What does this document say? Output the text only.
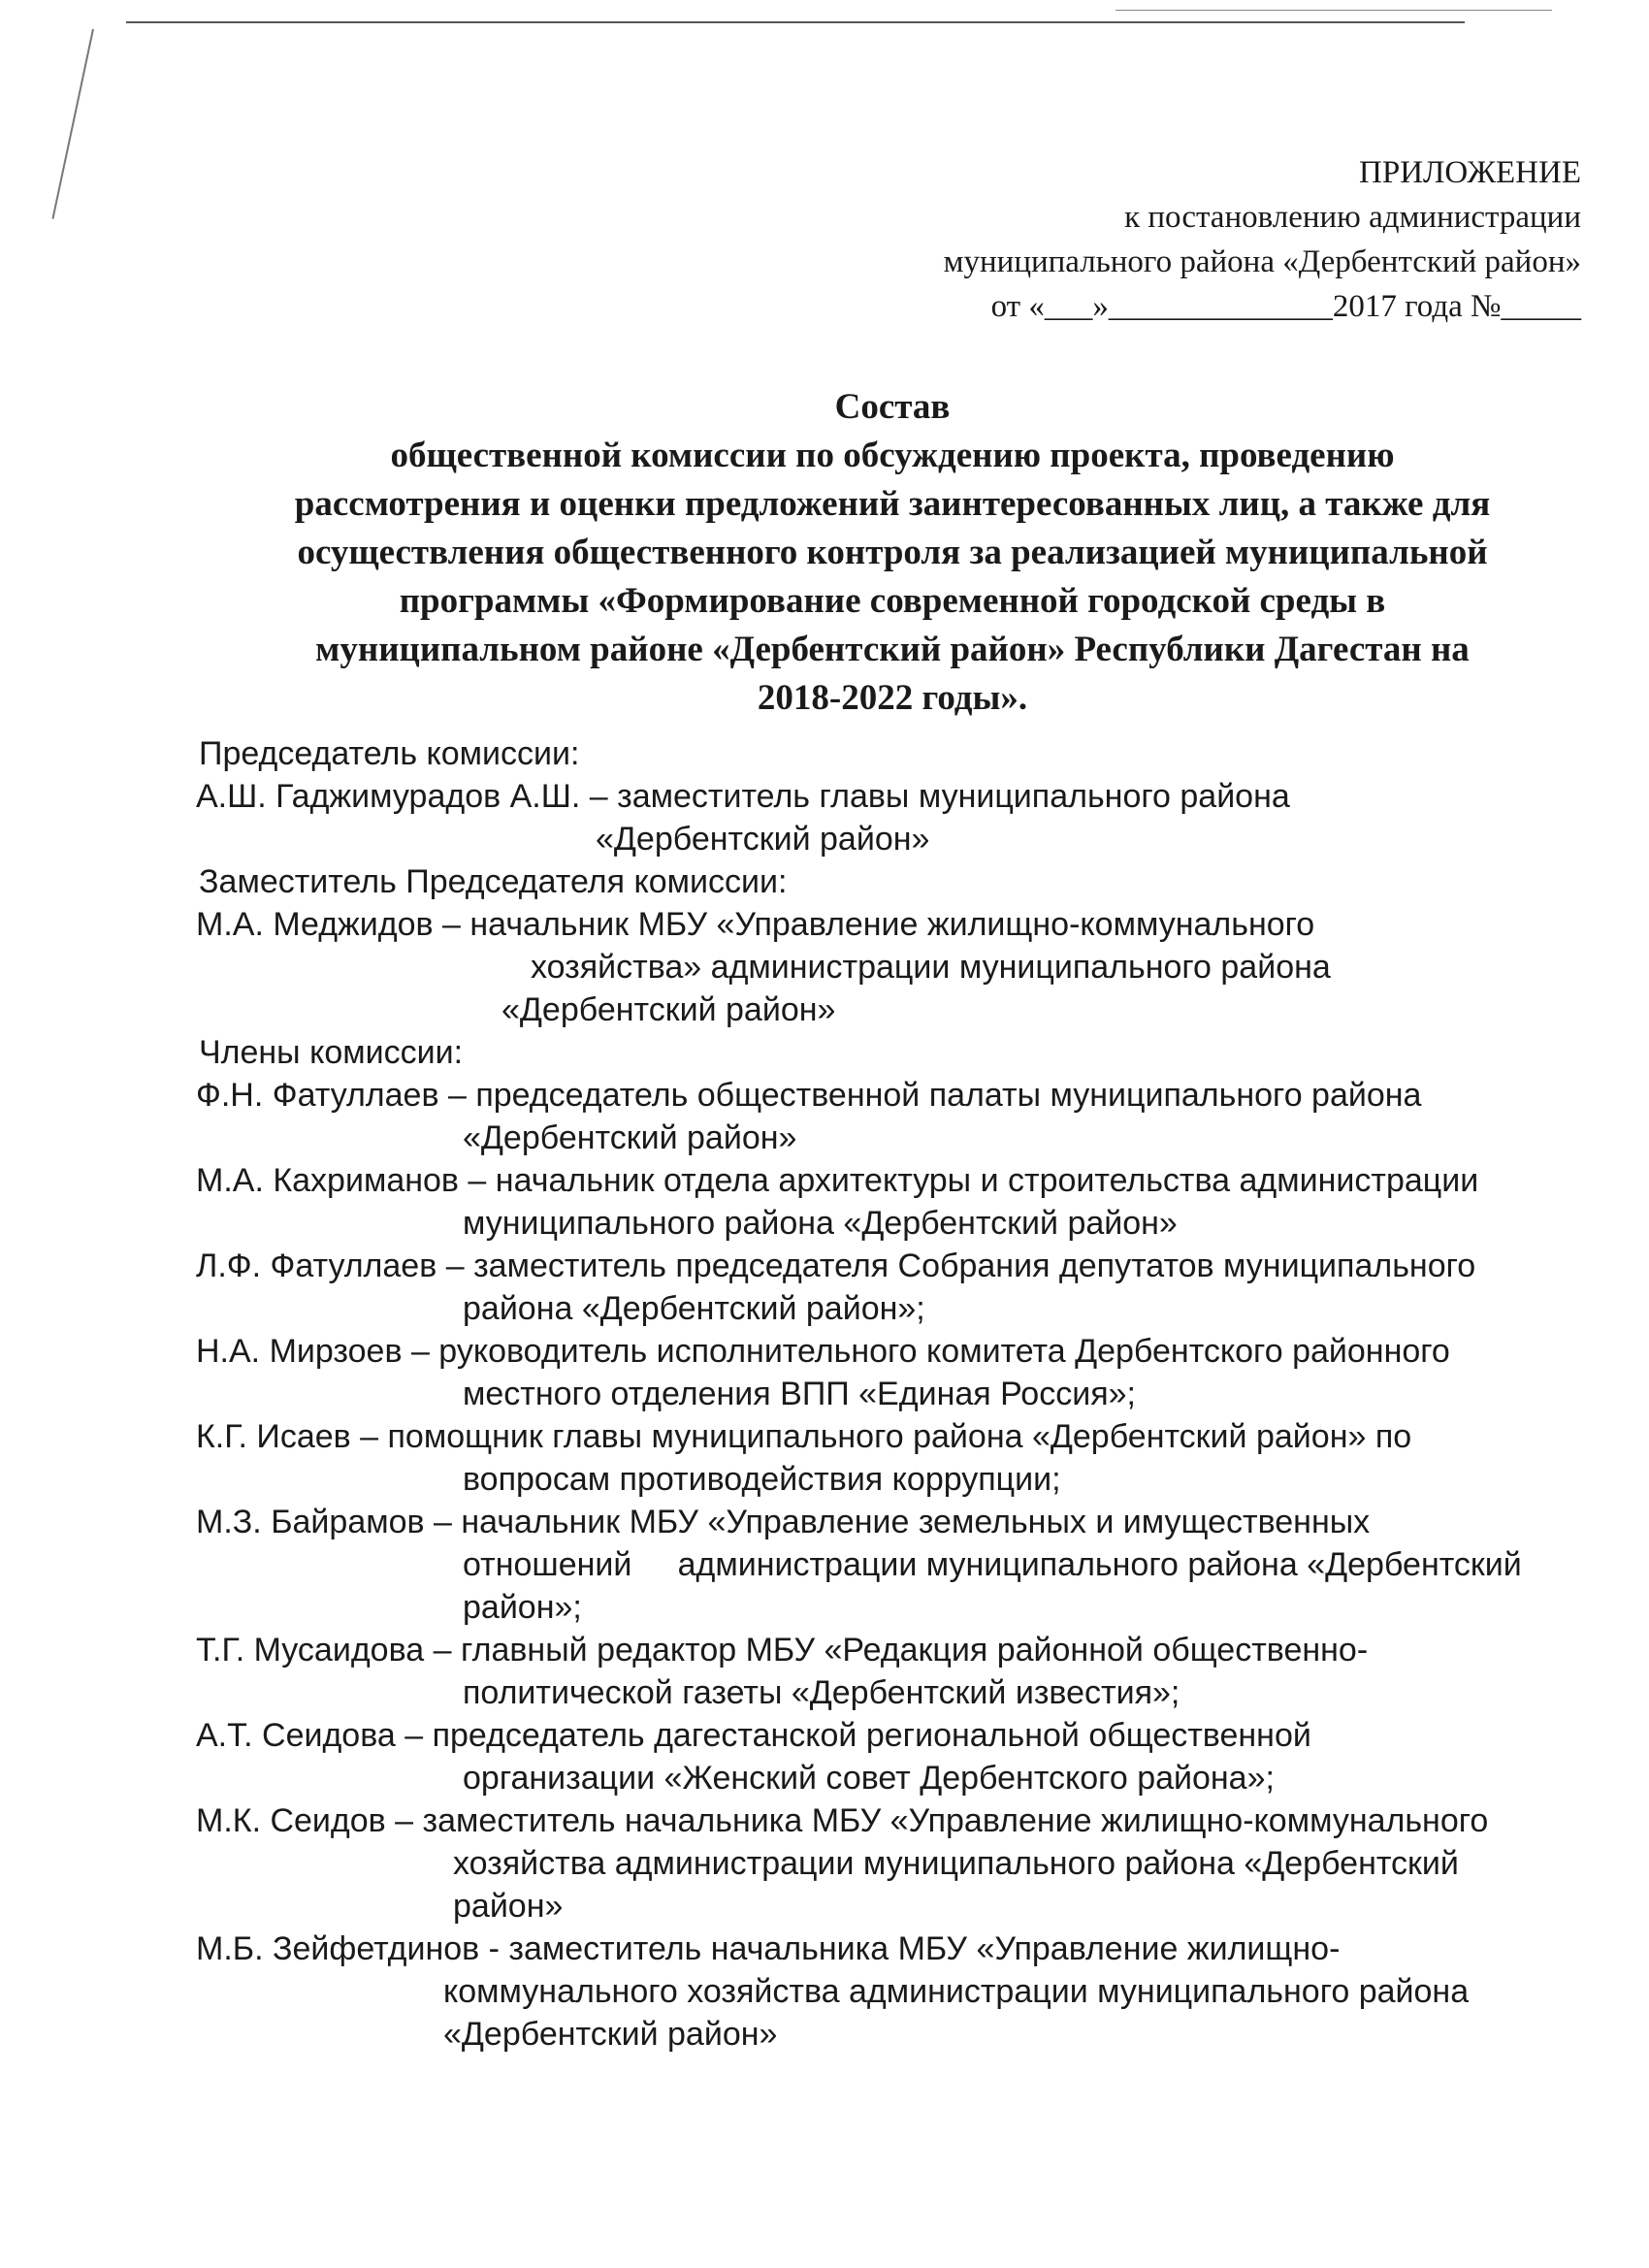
ПРИЛОЖЕНИЕ
к постановлению администрации
муниципального района «Дербентский район»
от «___»______________2017 года №_____
Состав
общественной комиссии по обсуждению проекта, проведению
рассмотрения и оценки предложений заинтересованных лиц, а также для
осуществления общественного контроля за реализацией муниципальной
программы «Формирование современной городской среды в
муниципальном районе «Дербентский район» Республики Дагестан на
2018-2022 годы».
Председатель комиссии:
А.Ш. Гаджимурадов А.Ш. – заместитель главы муниципального района
«Дербентский район»
Заместитель Председателя комиссии:
М.А. Меджидов – начальник МБУ «Управление жилищно-коммунального
хозяйства» администрации муниципального района
«Дербентский район»
Члены комиссии:
Ф.Н. Фатуллаев – председатель общественной палаты муниципального района
«Дербентский район»
М.А. Кахриманов – начальник отдела архитектуры и строительства администрации
муниципального района «Дербентский район»
Л.Ф. Фатуллаев – заместитель председателя Собрания депутатов муниципального
района «Дербентский район»;
Н.А. Мирзоев – руководитель исполнительного комитета Дербентского районного
местного отделения ВПП «Единая Россия»;
К.Г. Исаев – помощник главы муниципального района «Дербентский район» по
вопросам противодействия коррупции;
М.З. Байрамов – начальник МБУ «Управление земельных и имущественных
отношений     администрации муниципального района «Дербентский
район»;
Т.Г. Мусаидова – главный редактор МБУ «Редакция районной общественно-
политической газеты «Дербентский известия»;
А.Т. Сеидова – председатель дагестанской региональной общественной
организации «Женский совет Дербентского района»;
М.К. Сеидов – заместитель начальника МБУ «Управление жилищно-коммунального
хозяйства администрации муниципального района «Дербентский
район»
М.Б. Зейфетдинов - заместитель начальника МБУ «Управление жилищно-
коммунального хозяйства администрации муниципального района
«Дербентский район»
